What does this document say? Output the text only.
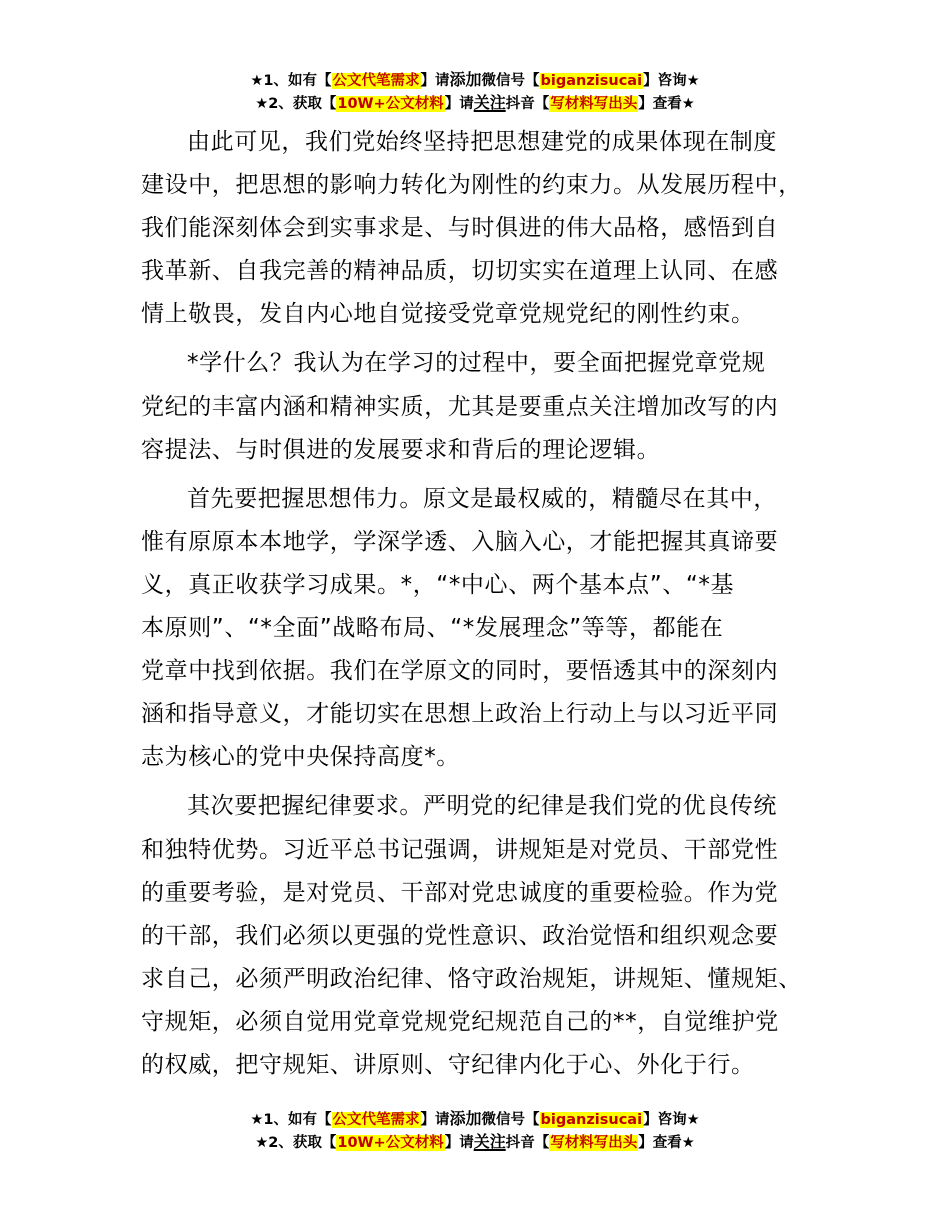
★1、如有【公文代笔需求】请添加微信号【biganzisucai】咨询★
★2、获取【10W+公文材料】请关注抖音【写材料写出头】查看★

由此可见，我们党始终坚持把思想建党的成果体现在制度
建设中，把思想的影响力转化为刚性的约束力。从发展历程中，
我们能深刻体会到实事求是、与时俱进的伟大品格，感悟到自
我革新、自我完善的精神品质，切切实实在道理上认同、在感
情上敬畏，发自内心地自觉接受党章党规党纪的刚性约束。

*学什么？我认为在学习的过程中，要全面把握党章党规
党纪的丰富内涵和精神实质，尤其是要重点关注增加改写的内
容提法、与时俱进的发展要求和背后的理论逻辑。

首先要把握思想伟力。原文是最权威的，精髓尽在其中，
惟有原原本本地学，学深学透、入脑入心，才能把握其真谛要
义，真正收获学习成果。*，“*中心、两个基本点”、“*基
本原则”、“*全面”战略布局、“*发展理念”等等，都能在
党章中找到依据。我们在学原文的同时，要悟透其中的深刻内
涵和指导意义，才能切实在思想上政治上行动上与以习近平同
志为核心的党中央保持高度*。

其次要把握纪律要求。严明党的纪律是我们党的优良传统
和独特优势。习近平总书记强调，讲规矩是对党员、干部党性
的重要考验，是对党员、干部对党忠诚度的重要检验。作为党
的干部，我们必须以更强的党性意识、政治觉悟和组织观念要
求自己，必须严明政治纪律、恪守政治规矩，讲规矩、懂规矩、
守规矩，必须自觉用党章党规党纪规范自己的**，自觉维护党
的权威，把守规矩、讲原则、守纪律内化于心、外化于行。

★1、如有【公文代笔需求】请添加微信号【biganzisucai】咨询★
★2、获取【10W+公文材料】请关注抖音【写材料写出头】查看★
